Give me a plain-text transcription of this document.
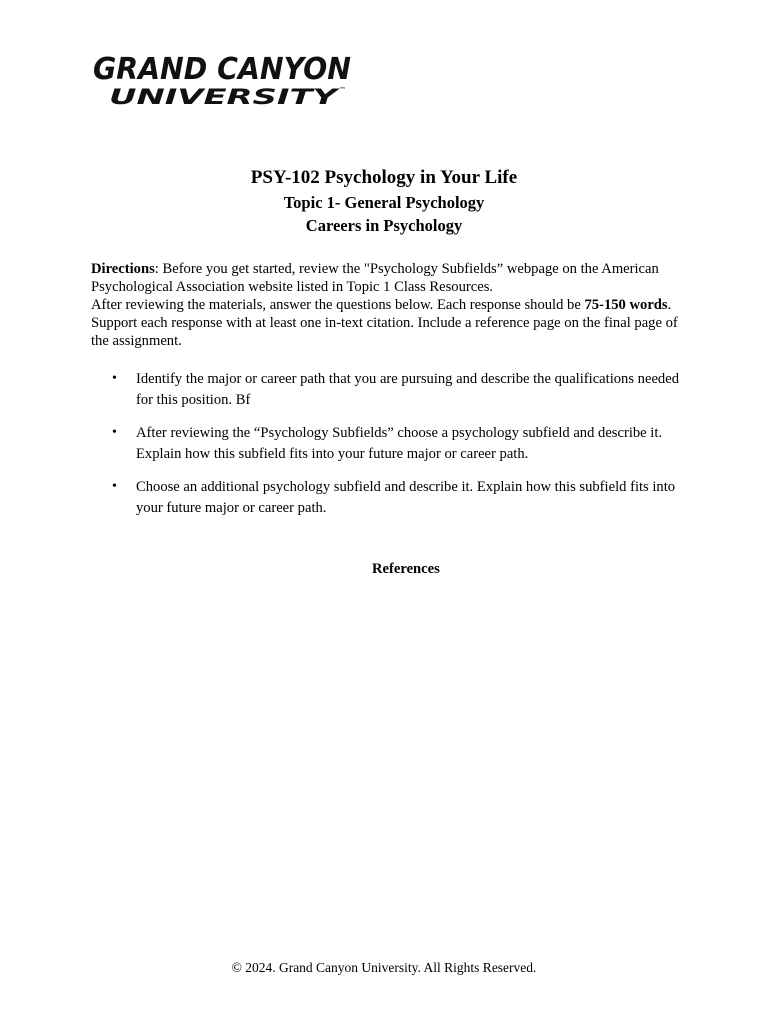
GRAND CANYON
UNIVERSITY ™
PSY-102 Psychology in Your Life
Topic 1- General Psychology
Careers in Psychology

Directions: Before you get started, review the "Psychology Subfields” webpage on the American Psychological Association website listed in Topic 1 Class Resources.

After reviewing the materials, answer the questions below. Each response should be 75-150 words. Support each response with at least one in-text citation. Include a reference page on the final page of the assignment.

• Identify the major or career path that you are pursuing and describe the qualifications needed for this position. Bf
• After reviewing the “Psychology Subfields” choose a psychology subfield and describe it. Explain how this subfield fits into your future major or career path.
• Choose an additional psychology subfield and describe it. Explain how this subfield fits into your future major or career path.
References
© 2024. Grand Canyon University. All Rights Reserved.
